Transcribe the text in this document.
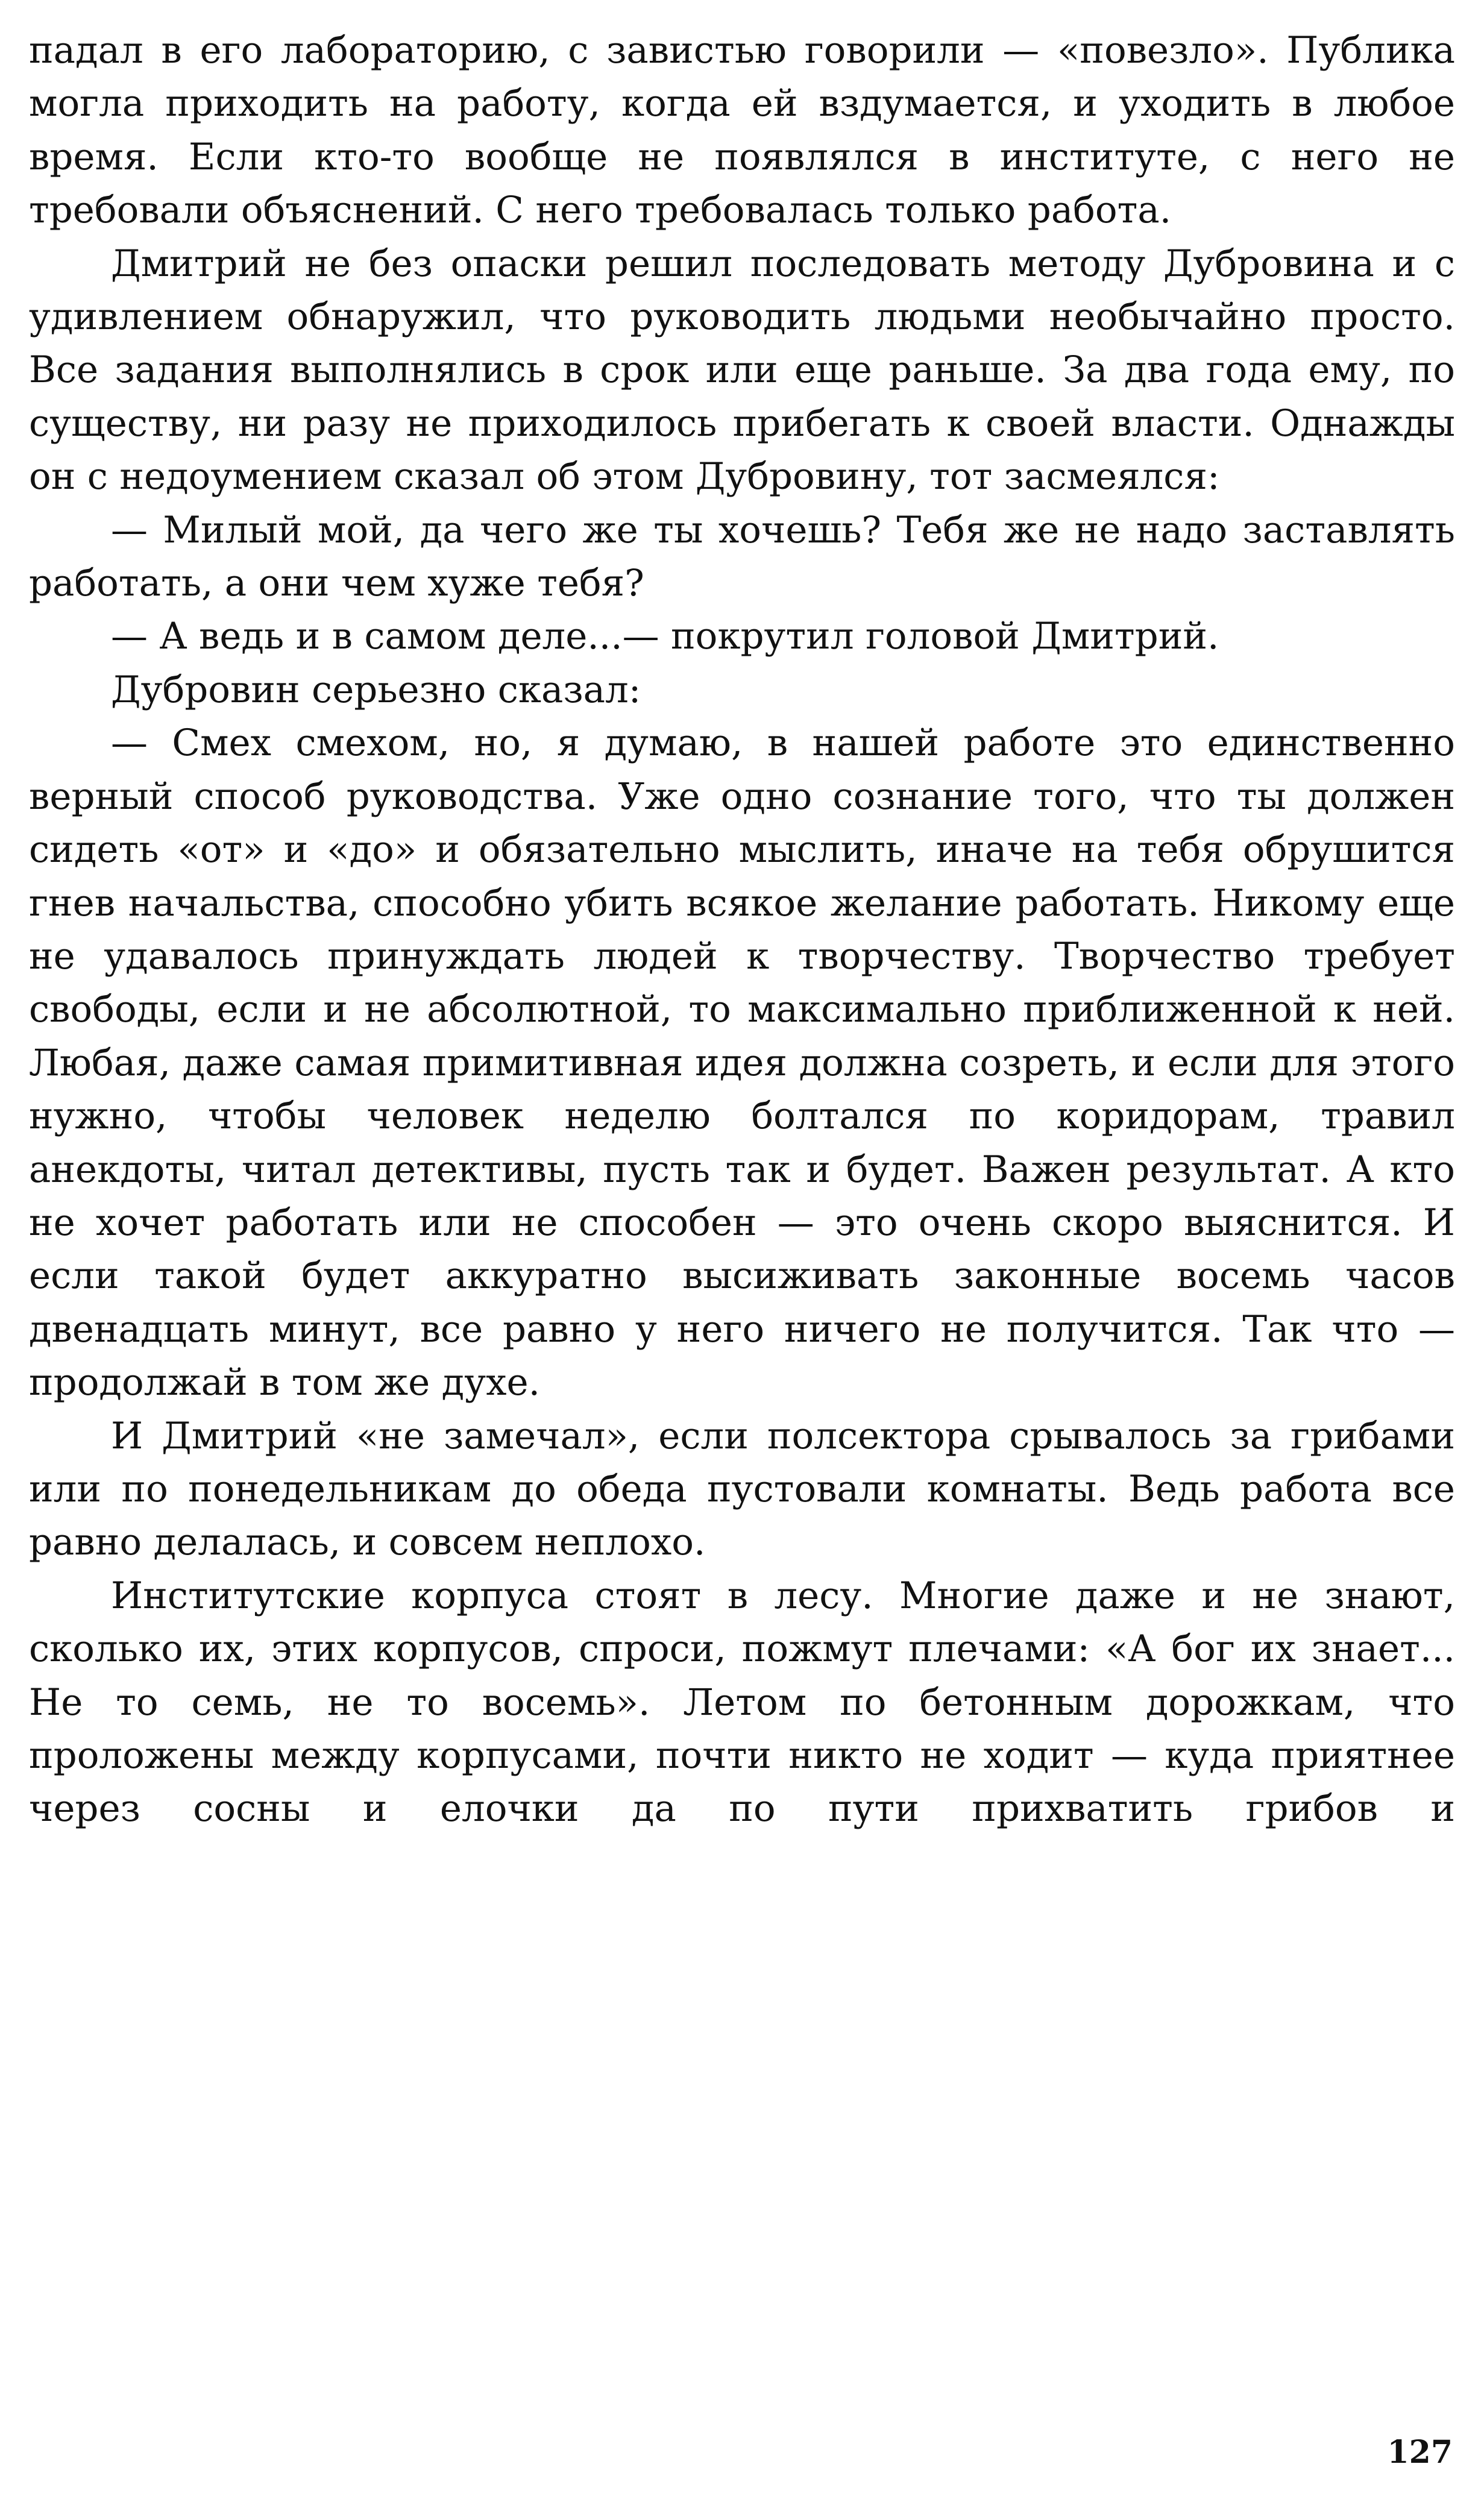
падал в его лабораторию, с завистью говорили — «повезло». Публика могла приходить на работу, когда ей вздумается, и уходить в любое время. Если кто-то вообще не появлялся в институте, с него не требовали объяснений. С него требовалась только работа.

Дмитрий не без опаски решил последовать методу Дубровина и с удивлением обнаружил, что руководить людьми необычайно просто. Все задания выполнялись в срок или еще раньше. За два года ему, по существу, ни разу не приходилось прибегать к своей власти. Однажды он с недоумением сказал об этом Дубровину, тот засмеялся:

— Милый мой, да чего же ты хочешь? Тебя же не надо заставлять работать, а они чем хуже тебя?

— А ведь и в самом деле...— покрутил головой Дмитрий.

Дубровин серьезно сказал:

— Смех смехом, но, я думаю, в нашей работе это единственно верный способ руководства. Уже одно сознание того, что ты должен сидеть «от» и «до» и обязательно мыслить, иначе на тебя обрушится гнев начальства, способно убить всякое желание работать. Никому еще не удавалось принуждать людей к творчеству. Творчество требует свободы, если и не абсолютной, то максимально приближенной к ней. Любая, даже самая примитивная идея должна созреть, и если для этого нужно, чтобы человек неделю болтался по коридорам, травил анекдоты, читал детективы, пусть так и будет. Важен результат. А кто не хочет работать или не способен — это очень скоро выяснится. И если такой будет аккуратно высиживать законные восемь часов двенадцать минут, все равно у него ничего не получится. Так что — продолжай в том же духе.

И Дмитрий «не замечал», если полсектора срывалось за грибами или по понедельникам до обеда пустовали комнаты. Ведь работа все равно делалась, и совсем неплохо.

Институтские корпуса стоят в лесу. Многие даже и не знают, сколько их, этих корпусов, спроси, пожмут плечами: «А бог их знает... Не то семь, не то восемь». Летом по бетонным дорожкам, что проложены между корпусами, почти никто не ходит — куда приятнее через сосны и елочки да по пути прихватить грибов и

127
